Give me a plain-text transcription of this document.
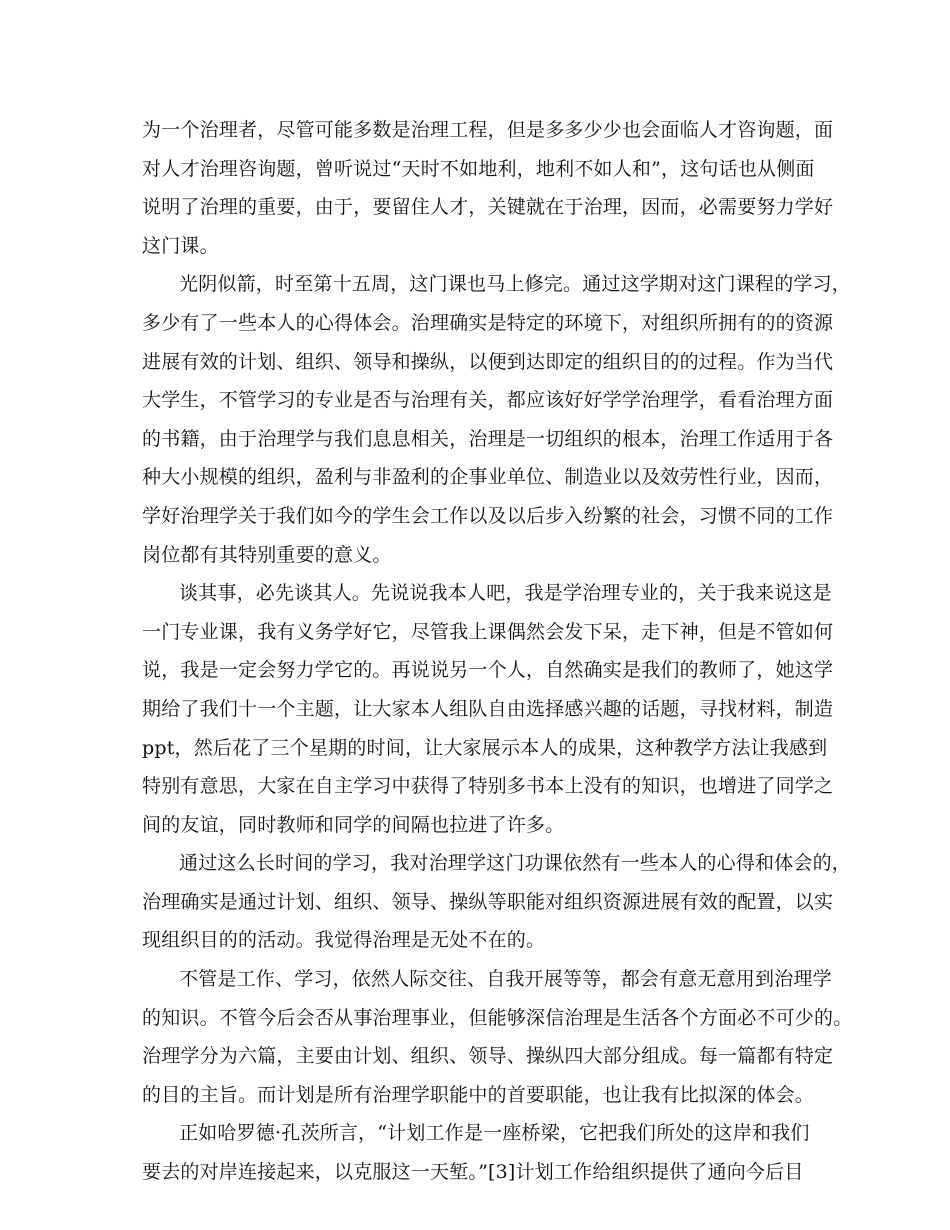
为一个治理者，尽管可能多数是治理工程，但是多多少少也会面临人才咨询题，面
对人才治理咨询题，曾听说过“天时不如地利，地利不如人和”，这句话也从侧面
说明了治理的重要，由于，要留住人才，关键就在于治理，因而，必需要努力学好
这门课。
光阴似箭，时至第十五周，这门课也马上修完。通过这学期对这门课程的学习，
多少有了一些本人的心得体会。治理确实是特定的环境下，对组织所拥有的的资源
进展有效的计划、组织、领导和操纵，以便到达即定的组织目的的过程。作为当代
大学生，不管学习的专业是否与治理有关，都应该好好学学治理学，看看治理方面
的书籍，由于治理学与我们息息相关，治理是一切组织的根本，治理工作适用于各
种大小规模的组织，盈利与非盈利的企事业单位、制造业以及效劳性行业，因而，
学好治理学关于我们如今的学生会工作以及以后步入纷繁的社会，习惯不同的工作
岗位都有其特别重要的意义。
谈其事，必先谈其人。先说说我本人吧，我是学治理专业的，关于我来说这是
一门专业课，我有义务学好它，尽管我上课偶然会发下呆，走下神，但是不管如何
说，我是一定会努力学它的。再说说另一个人，自然确实是我们的教师了，她这学
期给了我们十一个主题，让大家本人组队自由选择感兴趣的话题，寻找材料，制造
ppt，然后花了三个星期的时间，让大家展示本人的成果，这种教学方法让我感到
特别有意思，大家在自主学习中获得了特别多书本上没有的知识，也增进了同学之
间的友谊，同时教师和同学的间隔也拉进了许多。
通过这么长时间的学习，我对治理学这门功课依然有一些本人的心得和体会的，
治理确实是通过计划、组织、领导、操纵等职能对组织资源进展有效的配置，以实
现组织目的的活动。我觉得治理是无处不在的。
不管是工作、学习，依然人际交往、自我开展等等，都会有意无意用到治理学
的知识。不管今后会否从事治理事业，但能够深信治理是生活各个方面必不可少的。
治理学分为六篇，主要由计划、组织、领导、操纵四大部分组成。每一篇都有特定
的目的主旨。而计划是所有治理学职能中的首要职能，也让我有比拟深的体会。
正如哈罗德·孔茨所言，“计划工作是一座桥梁，它把我们所处的这岸和我们
要去的对岸连接起来，以克服这一天堑。”[3]计划工作给组织提供了通向今后目
